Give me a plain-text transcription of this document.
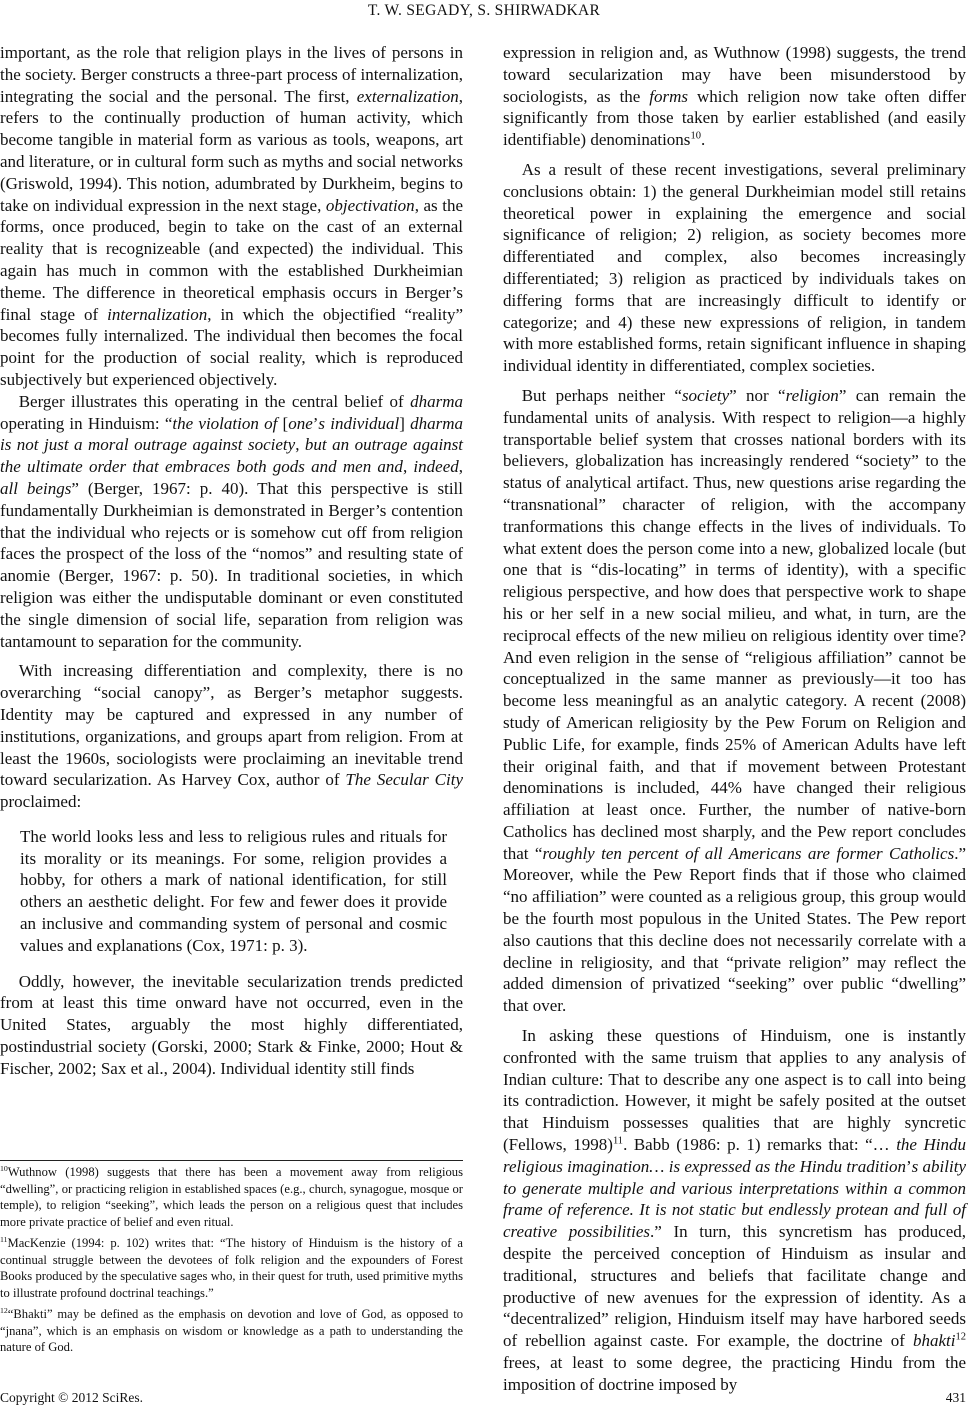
T. W. SEGADY, S. SHIRWADKAR

important, as the role that religion plays in the lives of persons in the society. Berger constructs a three-part process of internalization, integrating the social and the personal. The first, externalization, refers to the continually production of human activity, which become tangible in material form as various as tools, weapons, art and literature, or in cultural form such as myths and social networks (Griswold, 1994). This notion, adumbrated by Durkheim, begins to take on individual expression in the next stage, objectivation, as the forms, once produced, begin to take on the cast of an external reality that is recognizeable (and expected) the individual. This again has much in common with the established Durkheimian theme. The difference in theoretical emphasis occurs in Berger’s final stage of internalization, in which the objectified “reality” becomes fully internalized. The individual then becomes the focal point for the production of social reality, which is reproduced subjectively but experienced objectively.

Berger illustrates this operating in the central belief of dharma operating in Hinduism: “the violation of [one’s individual] dharma is not just a moral outrage against society, but an outrage against the ultimate order that embraces both gods and men and, indeed, all beings” (Berger, 1967: p. 40). That this perspective is still fundamentally Durkheimian is demonstrated in Berger’s contention that the individual who rejects or is somehow cut off from religion faces the prospect of the loss of the “nomos” and resulting state of anomie (Berger, 1967: p. 50). In traditional societies, in which religion was either the undisputable dominant or even constituted the single dimension of social life, separation from religion was tantamount to separation for the community.

With increasing differentiation and complexity, there is no overarching “social canopy”, as Berger’s metaphor suggests. Identity may be captured and expressed in any number of institutions, organizations, and groups apart from religion. From at least the 1960s, sociologists were proclaiming an inevitable trend toward secularization. As Harvey Cox, author of The Secular City proclaimed:

The world looks less and less to religious rules and rituals for its morality or its meanings. For some, religion provides a hobby, for others a mark of national identification, for still others an aesthetic delight. For few and fewer does it provide an inclusive and commanding system of personal and cosmic values and explanations (Cox, 1971: p. 3).

Oddly, however, the inevitable secularization trends predicted from at least this time onward have not occurred, even in the United States, arguably the most highly differentiated, postindustrial society (Gorski, 2000; Stark & Finke, 2000; Hout & Fischer, 2002; Sax et al., 2004). Individual identity still finds

$^{10}$Wuthnow (1998) suggests that there has been a movement away from religious “dwelling”, or practicing religion in established spaces (e.g., church, synagogue, mosque or temple), to religion “seeking”, which leads the person on a religious quest that includes more private practice of belief and even ritual.
$^{11}$MacKenzie (1994: p. 102) writes that: “The history of Hinduism is the history of a continual struggle between the devotees of folk religion and the expounders of Forest Books produced by the speculative sages who, in their quest for truth, used primitive myths to illustrate profound doctrinal teachings.”
$^{12}$“Bhakti” may be defined as the emphasis on devotion and love of God, as opposed to “jnana”, which is an emphasis on wisdom or knowledge as a path to understanding the nature of God.

expression in religion and, as Wuthnow (1998) suggests, the trend toward secularization may have been misunderstood by sociologists, as the forms which religion now take often differ significantly from those taken by earlier established (and easily identifiable) denominations$^{10}$.

As a result of these recent investigations, several preliminary conclusions obtain: 1) the general Durkheimian model still retains theoretical power in explaining the emergence and social significance of religion; 2) religion, as society becomes more differentiated and complex, also becomes increasingly differentiated; 3) religion as practiced by individuals takes on differing forms that are increasingly difficult to identify or categorize; and 4) these new expressions of religion, in tandem with more established forms, retain significant influence in shaping individual identity in differentiated, complex societies.

But perhaps neither “society” nor “religion” can remain the fundamental units of analysis. With respect to religion—a highly transportable belief system that crosses national borders with its believers, globalization has increasingly rendered “society” to the status of analytical artifact. Thus, new questions arise regarding the “transnational” character of religion, with the accompany tranformations this change effects in the lives of individuals. To what extent does the person come into a new, globalized locale (but one that is “dis-locating” in terms of identity), with a specific religious perspective, and how does that perspective work to shape his or her self in a new social milieu, and what, in turn, are the reciprocal effects of the new milieu on religious identity over time? And even religion in the sense of “religious affiliation” cannot be conceptualized in the same manner as previously—it too has become less meaningful as an analytic category. A recent (2008) study of American religiosity by the Pew Forum on Religion and Public Life, for example, finds 25% of American Adults have left their original faith, and that if movement between Protestant denominations is included, 44% have changed their religious affiliation at least once. Further, the number of native-born Catholics has declined most sharply, and the Pew report concludes that “roughly ten percent of all Americans are former Catholics.” Moreover, while the Pew Report finds that if those who claimed “no affiliation” were counted as a religious group, this group would be the fourth most populous in the United States. The Pew report also cautions that this decline does not necessarily correlate with a decline in religiosity, and that “private religion” may reflect the added dimension of privatized “seeking” over public “dwelling” that over.

In asking these questions of Hinduism, one is instantly confronted with the same truism that applies to any analysis of Indian culture: That to describe any one aspect is to call into being its contradiction. However, it might be safely posited at the outset that Hinduism possesses qualities that are highly syncretic (Fellows, 1998)$^{11}$. Babb (1986: p. 1) remarks that: “… the Hindu religious imagination… is expressed as the Hindu tradition’s ability to generate multiple and various interpretations within a common frame of reference. It is not static but endlessly protean and full of creative possibilities.” In turn, this syncretism has produced, despite the perceived conception of Hinduism as insular and traditional, structures and beliefs that facilitate change and productive of new avenues for the expression of identity. As a “decentralized” religion, Hinduism itself may have harbored seeds of rebellion against caste. For example, the doctrine of bhakti$^{12}$ frees, at least to some degree, the practicing Hindu from the imposition of doctrine imposed by

Copyright © 2012 SciRes.	431
